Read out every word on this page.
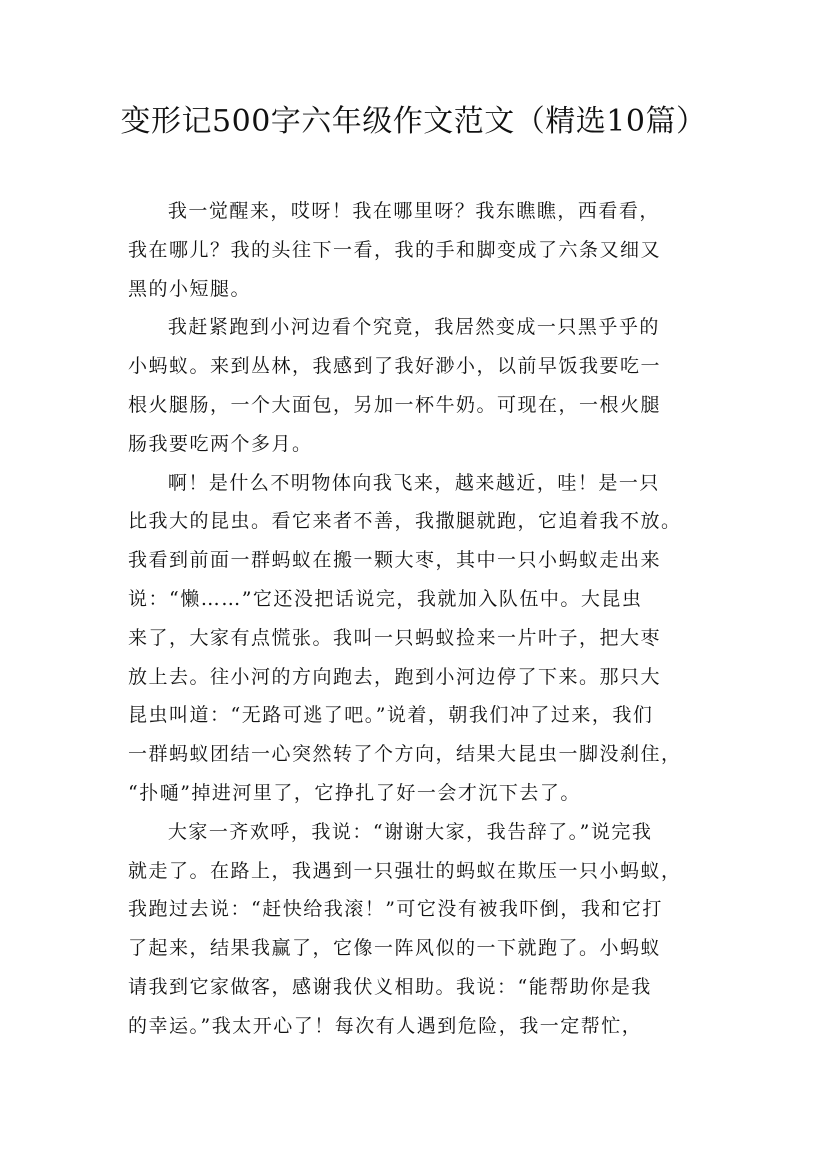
变形记500字六年级作文范文（精选10篇）

我一觉醒来，哎呀！我在哪里呀？我东瞧瞧，西看看，
我在哪儿？我的头往下一看，我的手和脚变成了六条又细又
黑的小短腿。

我赶紧跑到小河边看个究竟，我居然变成一只黑乎乎的
小蚂蚁。来到丛林，我感到了我好渺小，以前早饭我要吃一
根火腿肠，一个大面包，另加一杯牛奶。可现在，一根火腿
肠我要吃两个多月。

啊！是什么不明物体向我飞来，越来越近，哇！是一只
比我大的昆虫。看它来者不善，我撒腿就跑，它追着我不放。
我看到前面一群蚂蚁在搬一颗大枣，其中一只小蚂蚁走出来
说：“懒……”它还没把话说完，我就加入队伍中。大昆虫
来了，大家有点慌张。我叫一只蚂蚁捡来一片叶子，把大枣
放上去。往小河的方向跑去，跑到小河边停了下来。那只大
昆虫叫道：“无路可逃了吧。”说着，朝我们冲了过来，我们
一群蚂蚁团结一心突然转了个方向，结果大昆虫一脚没刹住，
“扑嗵”掉进河里了，它挣扎了好一会才沉下去了。

大家一齐欢呼，我说：“谢谢大家，我告辞了。”说完我
就走了。在路上，我遇到一只强壮的蚂蚁在欺压一只小蚂蚁，
我跑过去说：“赶快给我滚！”可它没有被我吓倒，我和它打
了起来，结果我赢了，它像一阵风似的一下就跑了。小蚂蚁
请我到它家做客，感谢我伏义相助。我说：“能帮助你是我
的幸运。”我太开心了！每次有人遇到危险，我一定帮忙，
